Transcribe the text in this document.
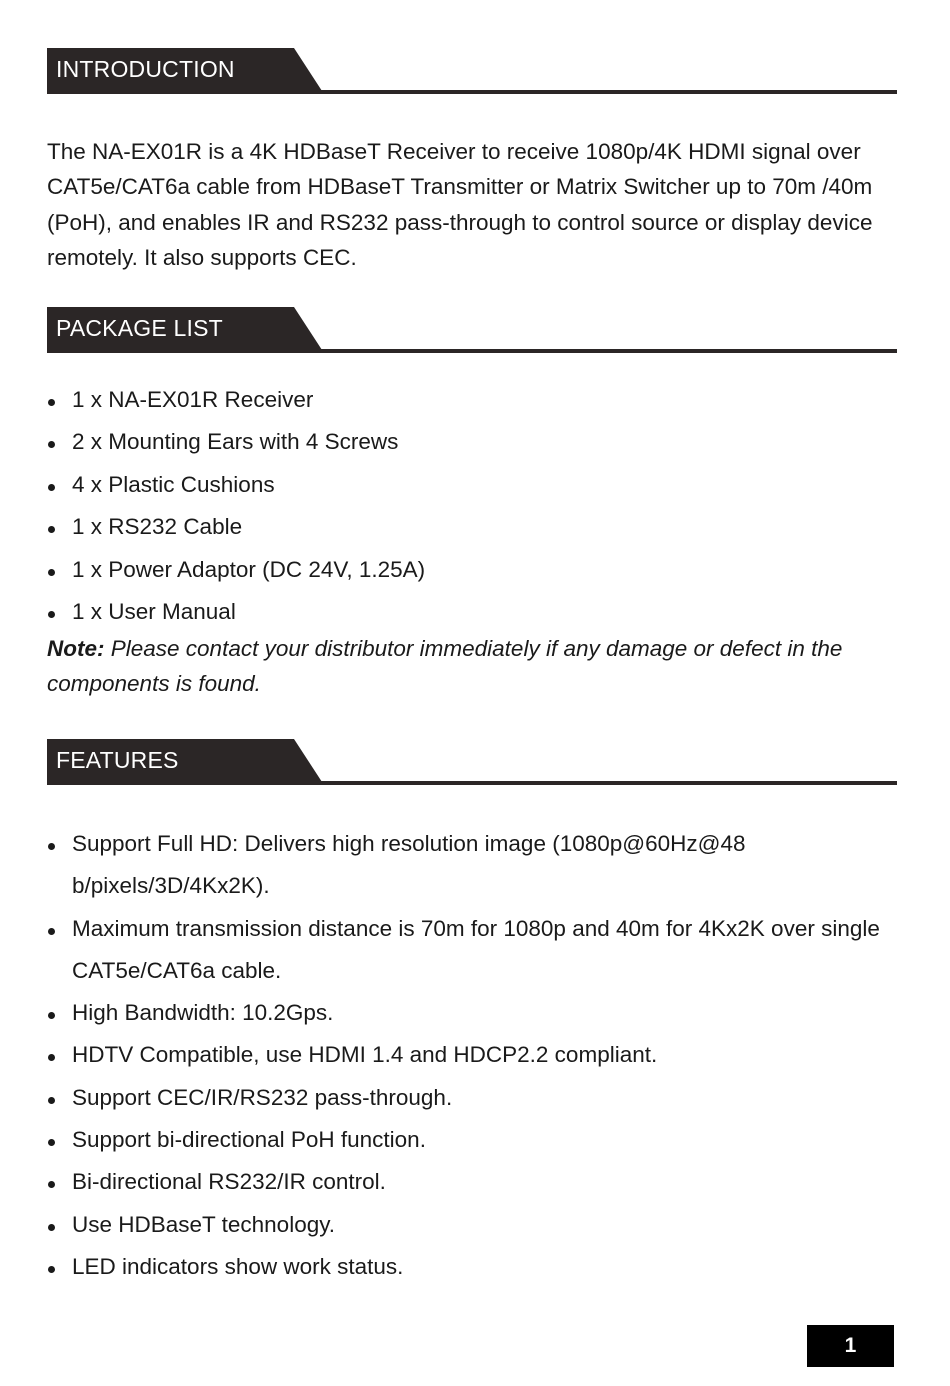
INTRODUCTION

The NA-EX01R is a 4K HDBaseT Receiver to receive 1080p/4K HDMI signal over CAT5e/CAT6a cable from HDBaseT Transmitter or Matrix Switcher up to 70m /40m (PoH), and enables IR and RS232 pass-through to control source or display device remotely. It also supports CEC.

PACKAGE LIST
1 x NA-EX01R Receiver
2 x Mounting Ears with 4 Screws
4 x Plastic Cushions
1 x RS232 Cable
1 x Power Adaptor (DC 24V, 1.25A)
1 x User Manual

Note: Please contact your distributor immediately if any damage or defect in the components is found.

FEATURES
Support Full HD: Delivers high resolution image (1080p@60Hz@48 b/pixels/3D/4Kx2K).
Maximum transmission distance is 70m for 1080p and 40m for 4Kx2K over single CAT5e/CAT6a cable.
High Bandwidth: 10.2Gps.
HDTV Compatible, use HDMI 1.4 and HDCP2.2 compliant.
Support CEC/IR/RS232 pass-through.
Support bi-directional PoH function.
Bi-directional RS232/IR control.
Use HDBaseT technology.
LED indicators show work status.
1
